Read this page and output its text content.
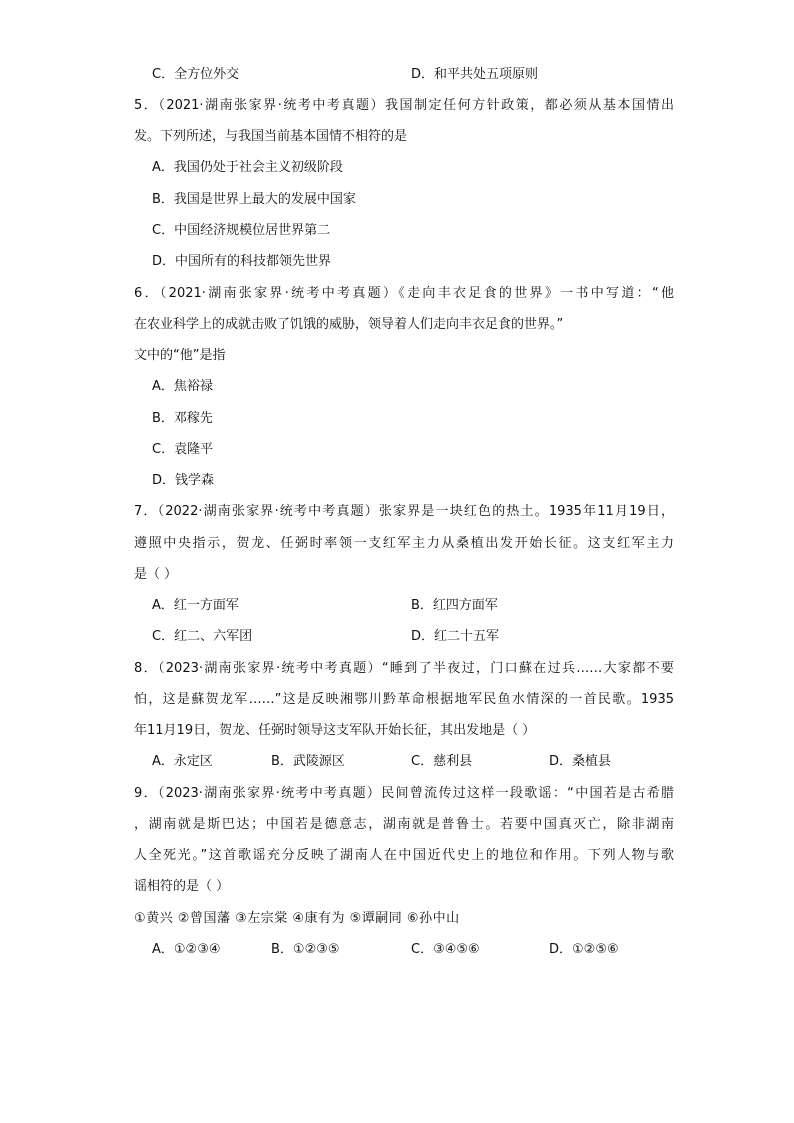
C．全方位外交	D．和平共处五项原则
5．（2021·湖南张家界·统考中考真题）我国制定任何方针政策，都必须从基本国情出
发。下列所述，与我国当前基本国情不相符的是
A．我国仍处于社会主义初级阶段
B．我国是世界上最大的发展中国家
C．中国经济规模位居世界第二
D．中国所有的科技都领先世界
6．（2021·湖南张家界·统考中考真题）《走向丰衣足食的世界》一书中写道：“他
在农业科学上的成就击败了饥饿的威胁，领导着人们走向丰衣足食的世界。”
文中的“他”是指
A．焦裕禄
B．邓稼先
C．袁隆平
D．钱学森
7．（2022·湖南张家界·统考中考真题）张家界是一块红色的热土。1935年11月19日，
遵照中央指示，贺龙、任弼时率领一支红军主力从桑植出发开始长征。这支红军主力
是（ ）
A．红一方面军	B．红四方面军
C．红二、六军团	D．红二十五军
8．（2023·湖南张家界·统考中考真题）“睡到了半夜过，门口蘇在过兵……大家都不要
怕，这是蘇贺龙军……”这是反映湘鄂川黔革命根据地军民鱼水情深的一首民歌。1935
年11月19日，贺龙、任弼时领导这支军队开始长征，其出发地是（ ）
A．永定区	B．武陵源区	C．慈利县	D．桑植县
9．（2023·湖南张家界·统考中考真题）民间曾流传过这样一段歌谣：“中国若是古希腊
，湖南就是斯巴达；中国若是德意志，湖南就是普鲁士。若要中国真灭亡，除非湖南
人全死光。”这首歌谣充分反映了湖南人在中国近代史上的地位和作用。下列人物与歌
谣相符的是（ ）
①黄兴 ②曾国藩 ③左宗棠 ④康有为 ⑤谭嗣同 ⑥孙中山
A．①②③④	B．①②③⑤	C．③④⑤⑥	D．①②⑤⑥
